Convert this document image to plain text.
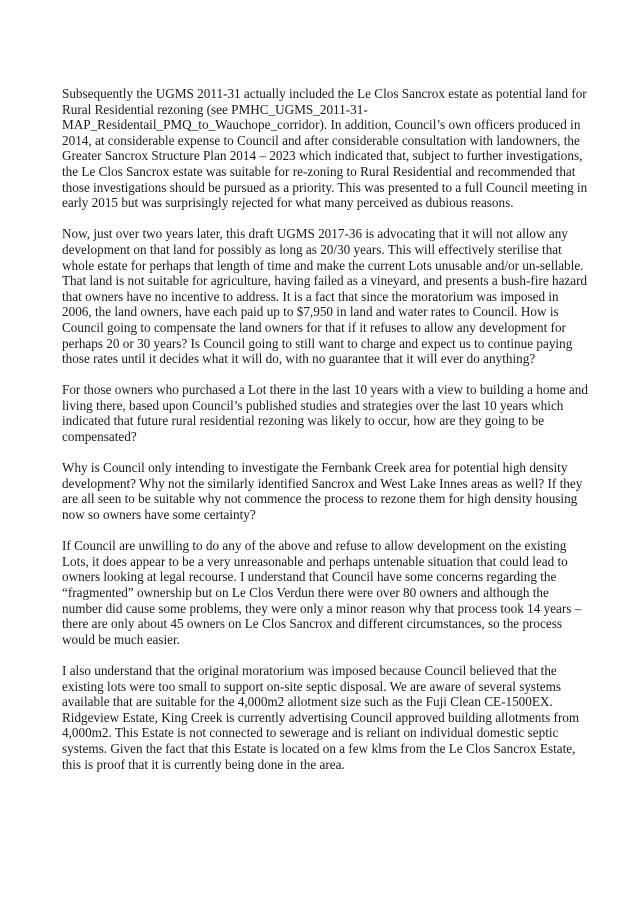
Subsequently the UGMS 2011-31 actually included the Le Clos Sancrox estate as potential land for
Rural Residential rezoning (see PMHC_UGMS_2011-31-
MAP_Residentail_PMQ_to_Wauchope_corridor). In addition, Council’s own officers produced in
2014, at considerable expense to Council and after considerable consultation with landowners, the
Greater Sancrox Structure Plan 2014 – 2023 which indicated that, subject to further investigations,
the Le Clos Sancrox estate was suitable for re-zoning to Rural Residential and recommended that
those investigations should be pursued as a priority. This was presented to a full Council meeting in
early 2015 but was surprisingly rejected for what many perceived as dubious reasons.
Now, just over two years later, this draft UGMS 2017-36 is advocating that it will not allow any
development on that land for possibly as long as 20/30 years. This will effectively sterilise that
whole estate for perhaps that length of time and make the current Lots unusable and/or un-sellable.
That land is not suitable for agriculture, having failed as a vineyard, and presents a bush-fire hazard
that owners have no incentive to address. It is a fact that since the moratorium was imposed in
2006, the land owners, have each paid up to $7,950 in land and water rates to Council. How is
Council going to compensate the land owners for that if it refuses to allow any development for
perhaps 20 or 30 years? Is Council going to still want to charge and expect us to continue paying
those rates until it decides what it will do, with no guarantee that it will ever do anything?
For those owners who purchased a Lot there in the last 10 years with a view to building a home and
living there, based upon Council’s published studies and strategies over the last 10 years which
indicated that future rural residential rezoning was likely to occur, how are they going to be
compensated?
Why is Council only intending to investigate the Fernbank Creek area for potential high density
development? Why not the similarly identified Sancrox and West Lake Innes areas as well? If they
are all seen to be suitable why not commence the process to rezone them for high density housing
now so owners have some certainty?
If Council are unwilling to do any of the above and refuse to allow development on the existing
Lots, it does appear to be a very unreasonable and perhaps untenable situation that could lead to
owners looking at legal recourse. I understand that Council have some concerns regarding the
“fragmented” ownership but on Le Clos Verdun there were over 80 owners and although the
number did cause some problems, they were only a minor reason why that process took 14 years –
there are only about 45 owners on Le Clos Sancrox and different circumstances, so the process
would be much easier.
I also understand that the original moratorium was imposed because Council believed that the
existing lots were too small to support on-site septic disposal. We are aware of several systems
available that are suitable for the 4,000m2 allotment size such as the Fuji Clean CE-1500EX.
Ridgeview Estate, King Creek is currently advertising Council approved building allotments from
4,000m2. This Estate is not connected to sewerage and is reliant on individual domestic septic
systems. Given the fact that this Estate is located on a few klms from the Le Clos Sancrox Estate,
this is proof that it is currently being done in the area.
